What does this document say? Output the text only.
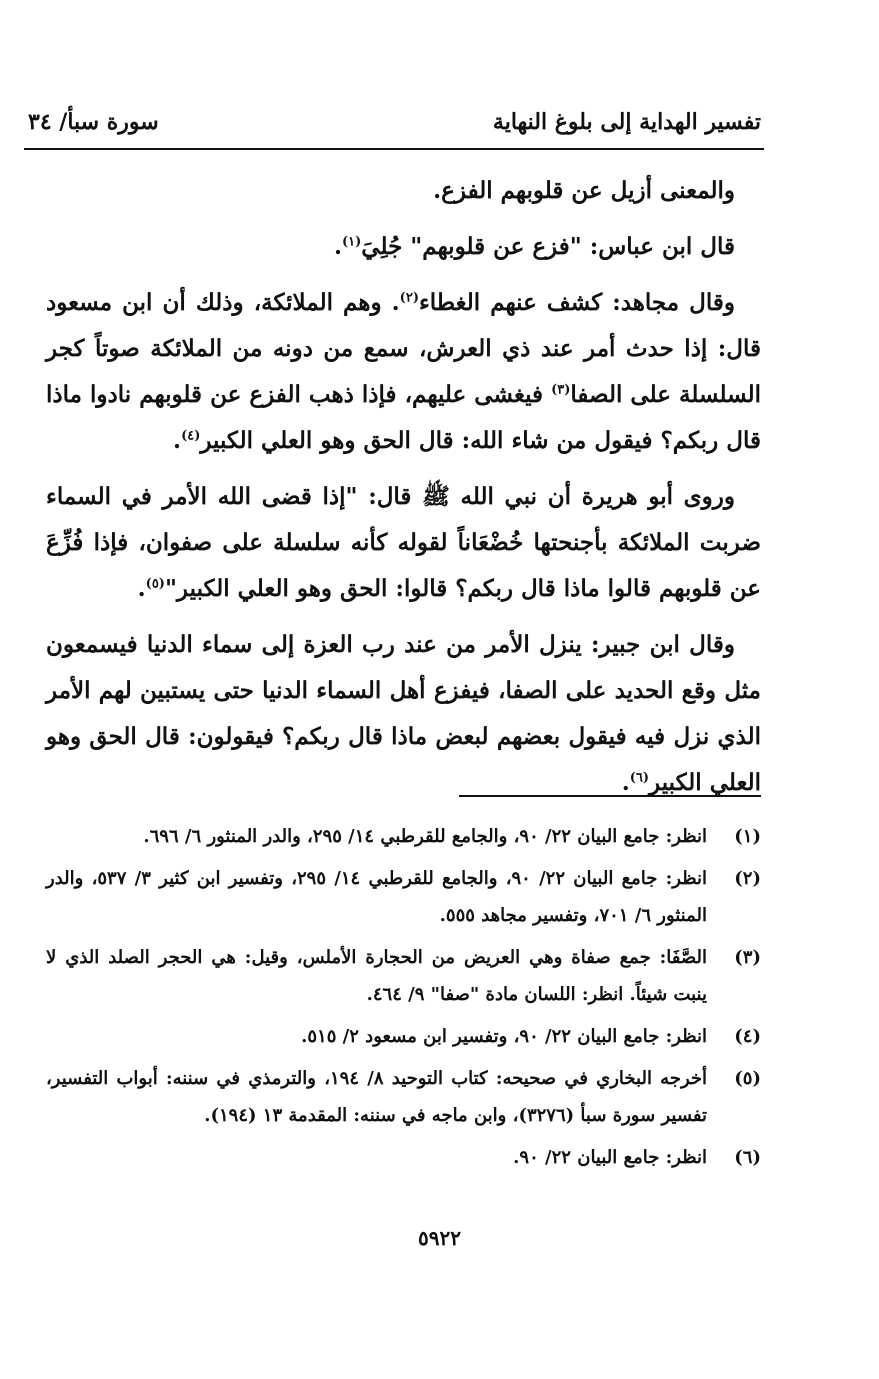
تفسير الهداية إلى بلوغ النهاية
سورة سبأ/ ٣٤

والمعنى أزيل عن قلوبهم الفزع.

قال ابن عباس: "فزع عن قلوبهم" جُلِيَ$^{(١)}$.

وقال مجاهد: كشف عنهم الغطاء$^{(٢)}$. وهم الملائكة، وذلك أن ابن مسعود قال: إذا حدث أمر عند ذي العرش، سمع من دونه من الملائكة صوتاً كجر السلسلة على الصفا$^{(٣)}$ فيغشى عليهم، فإذا ذهب الفزع عن قلوبهم نادوا ماذا قال ربكم؟ فيقول من شاء الله: قال الحق وهو العلي الكبير$^{(٤)}$.

وروى أبو هريرة أن نبي الله ﷺ قال: "إذا قضى الله الأمر في السماء ضربت الملائكة بأجنحتها خُضْعَاناً لقوله كأنه سلسلة على صفوان، فإذا فُزِّعَ عن قلوبهم قالوا ماذا قال ربكم؟ قالوا: الحق وهو العلي الكبير"$^{(٥)}$.

وقال ابن جبير: ينزل الأمر من عند رب العزة إلى سماء الدنيا فيسمعون مثل وقع الحديد على الصفا، فيفزع أهل السماء الدنيا حتى يستبين لهم الأمر الذي نزل فيه فيقول بعضهم لبعض ماذا قال ربكم؟ فيقولون: قال الحق وهو العلي الكبير$^{(٦)}$.

(١)
انظر: جامع البيان ٢٢/ ٩٠، والجامع للقرطبي ١٤/ ٢٩٥، والدر المنثور ٦/ ٦٩٦.
(٢)
انظر: جامع البيان ٢٢/ ٩٠، والجامع للقرطبي ١٤/ ٢٩٥، وتفسير ابن كثير ٣/ ٥٣٧، والدر المنثور ٦/ ٧٠١، وتفسير مجاهد ٥٥٥.
(٣)
الصَّفَا: جمع صفاة وهي العريض من الحجارة الأملس، وقيل: هي الحجر الصلد الذي لا ينبت شيئاً. انظر: اللسان مادة "صفا" ٩/ ٤٦٤.
(٤)
انظر: جامع البيان ٢٢/ ٩٠، وتفسير ابن مسعود ٢/ ٥١٥.
(٥)
أخرجه البخاري في صحيحه: كتاب التوحيد ٨/ ١٩٤، والترمذي في سننه: أبواب التفسير، تفسير سورة سبأ (٣٢٧٦)، وابن ماجه في سننه: المقدمة ١٣ (١٩٤).
(٦)
انظر: جامع البيان ٢٢/ ٩٠.
٥٩٢٢
